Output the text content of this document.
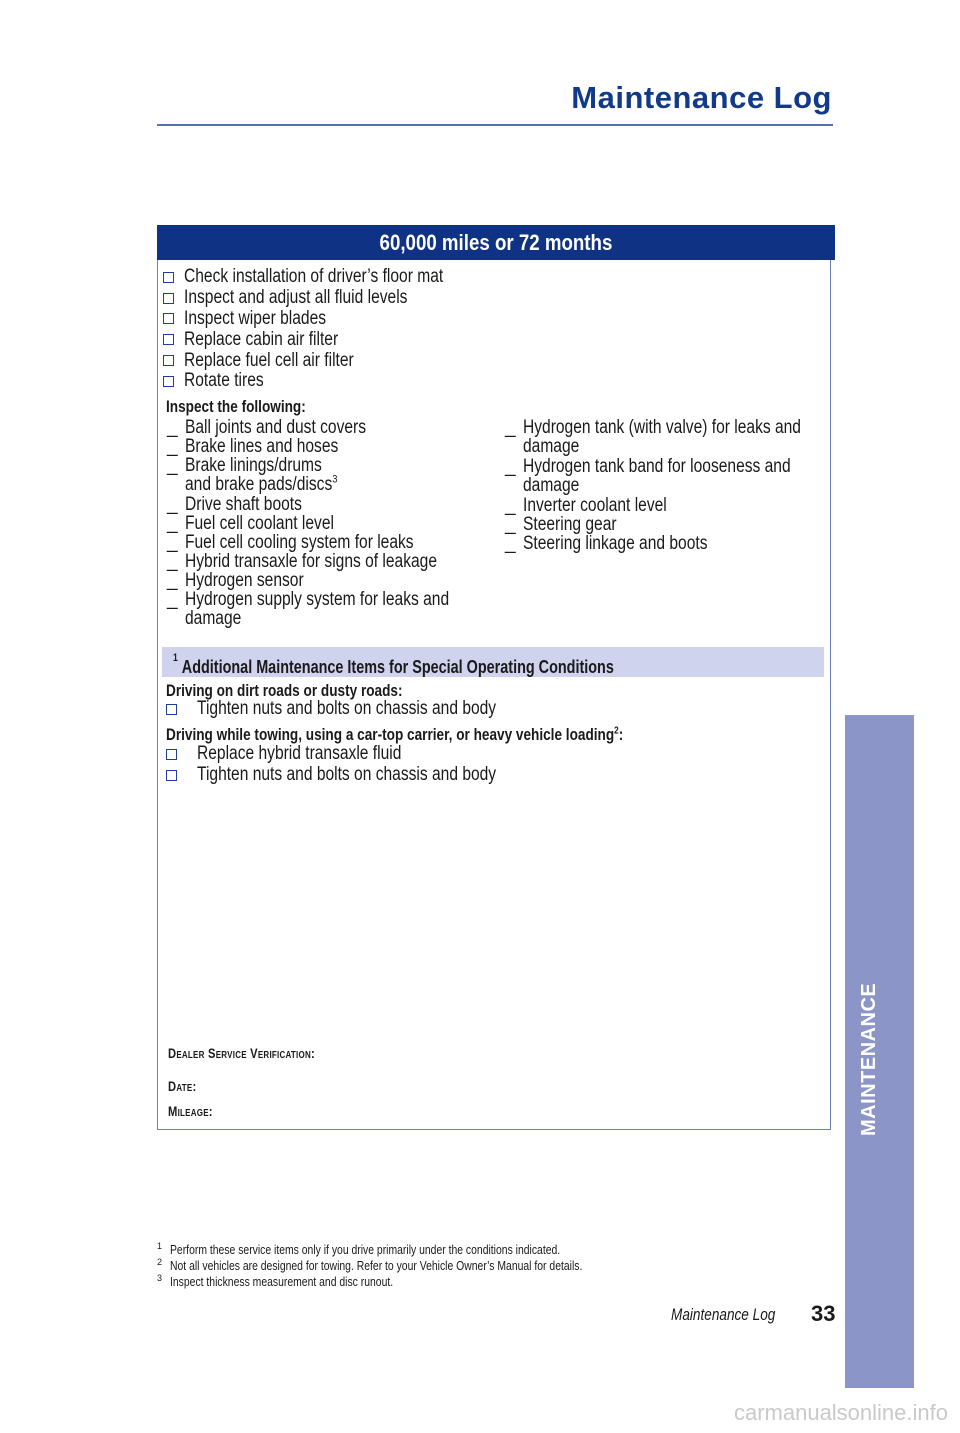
Maintenance Log
60,000 miles or 72 months
Check installation of driver’s floor mat
Inspect and adjust all fluid levels
Inspect wiper blades
Replace cabin air filter
Replace fuel cell air filter
Rotate tires
Inspect the following:
_ Ball joints and dust covers
_ Brake lines and hoses
_ Brake linings/drums and brake pads/discs$^3$
_ Drive shaft boots
_ Fuel cell coolant level
_ Fuel cell cooling system for leaks
_ Hybrid transaxle for signs of leakage
_ Hydrogen sensor
_ Hydrogen supply system for leaks and damage
_ Hydrogen tank (with valve) for leaks and damage
_ Hydrogen tank band for looseness and damage
_ Inverter coolant level
_ Steering gear
_ Steering linkage and boots
Additional Maintenance Items for Special Operating Conditions
$^1$
Driving on dirt roads or dusty roads:
Tighten nuts and bolts on chassis and body
Driving while towing, using a car-top carrier, or heavy vehicle loading$^2$:
Replace hybrid transaxle fluid
Tighten nuts and bolts on chassis and body
Dealer Service Verification:
Date:
Mileage:
1 Perform these service items only if you drive primarily under the conditions indicated.
2 Not all vehicles are designed for towing. Refer to your Vehicle Owner’s Manual for details.
3 Inspect thickness measurement and disc runout.
Maintenance Log	33
MAINTENANCE
carmanualsonline.info
